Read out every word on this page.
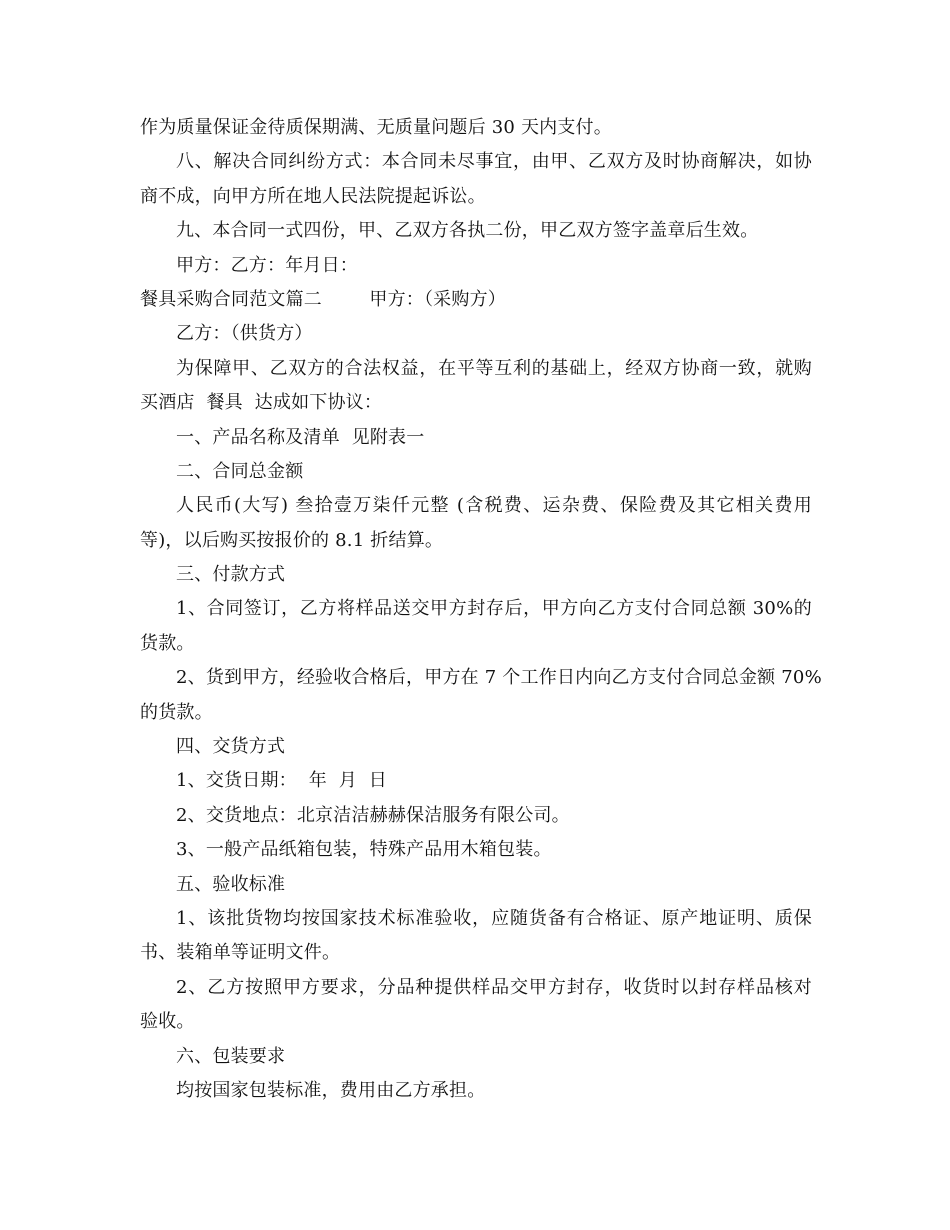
作为质量保证金待质保期满、无质量问题后 30 天内支付。
八、解决合同纠纷方式：本合同未尽事宜，由甲、乙双方及时协商解决，如协
商不成，向甲方所在地人民法院提起诉讼。
九、本合同一式四份，甲、乙双方各执二份，甲乙双方签字盖章后生效。
甲方：乙方：年月日：
餐具采购合同范文篇二        甲方：（采购方）
乙方：（供货方）
为保障甲、乙双方的合法权益，在平等互利的基础上，经双方协商一致，就购
买酒店  餐具  达成如下协议：
一、产品名称及清单  见附表一
二、合同总金额
人民币(大写) 叁拾壹万柒仟元整 (含税费、运杂费、保险费及其它相关费用
等)，以后购买按报价的 8.1 折结算。
三、付款方式
1、合同签订，乙方将样品送交甲方封存后，甲方向乙方支付合同总额 30%的
货款。
2、货到甲方，经验收合格后，甲方在 7 个工作日内向乙方支付合同总金额 70%
的货款。
四、交货方式
1、交货日期：  年  月  日
2、交货地点：北京洁洁赫赫保洁服务有限公司。
3、一般产品纸箱包装，特殊产品用木箱包装。
五、验收标准
1、该批货物均按国家技术标准验收，应随货备有合格证、原产地证明、质保
书、装箱单等证明文件。
2、乙方按照甲方要求，分品种提供样品交甲方封存，收货时以封存样品核对
验收。
六、包装要求
均按国家包装标准，费用由乙方承担。
